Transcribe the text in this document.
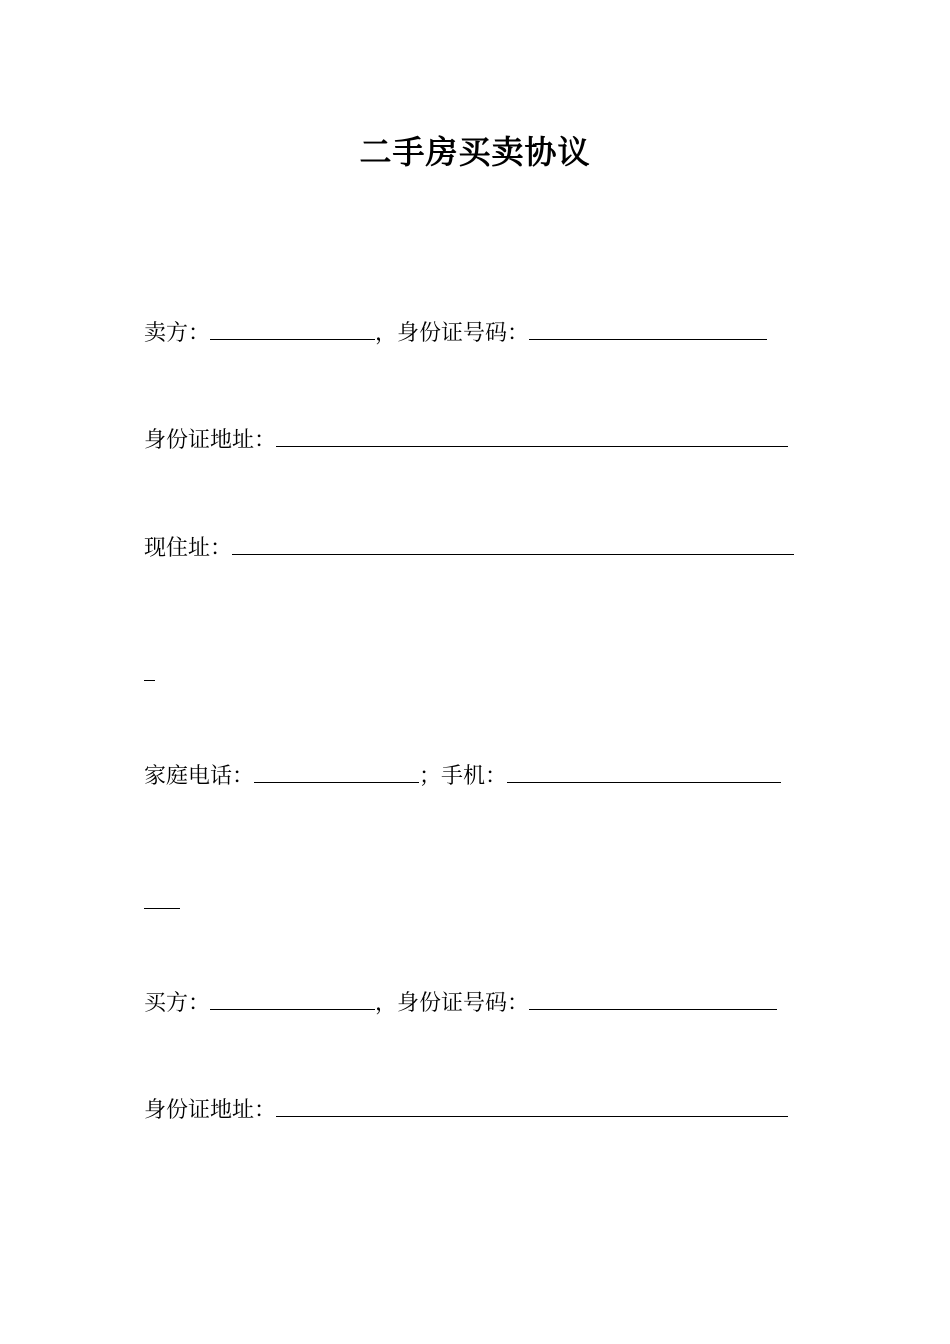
二手房买卖协议
卖方：	，身份证号码：
身份证地址：
现住址：
家庭电话：	；手机：
买方：	，身份证号码：
身份证地址：
